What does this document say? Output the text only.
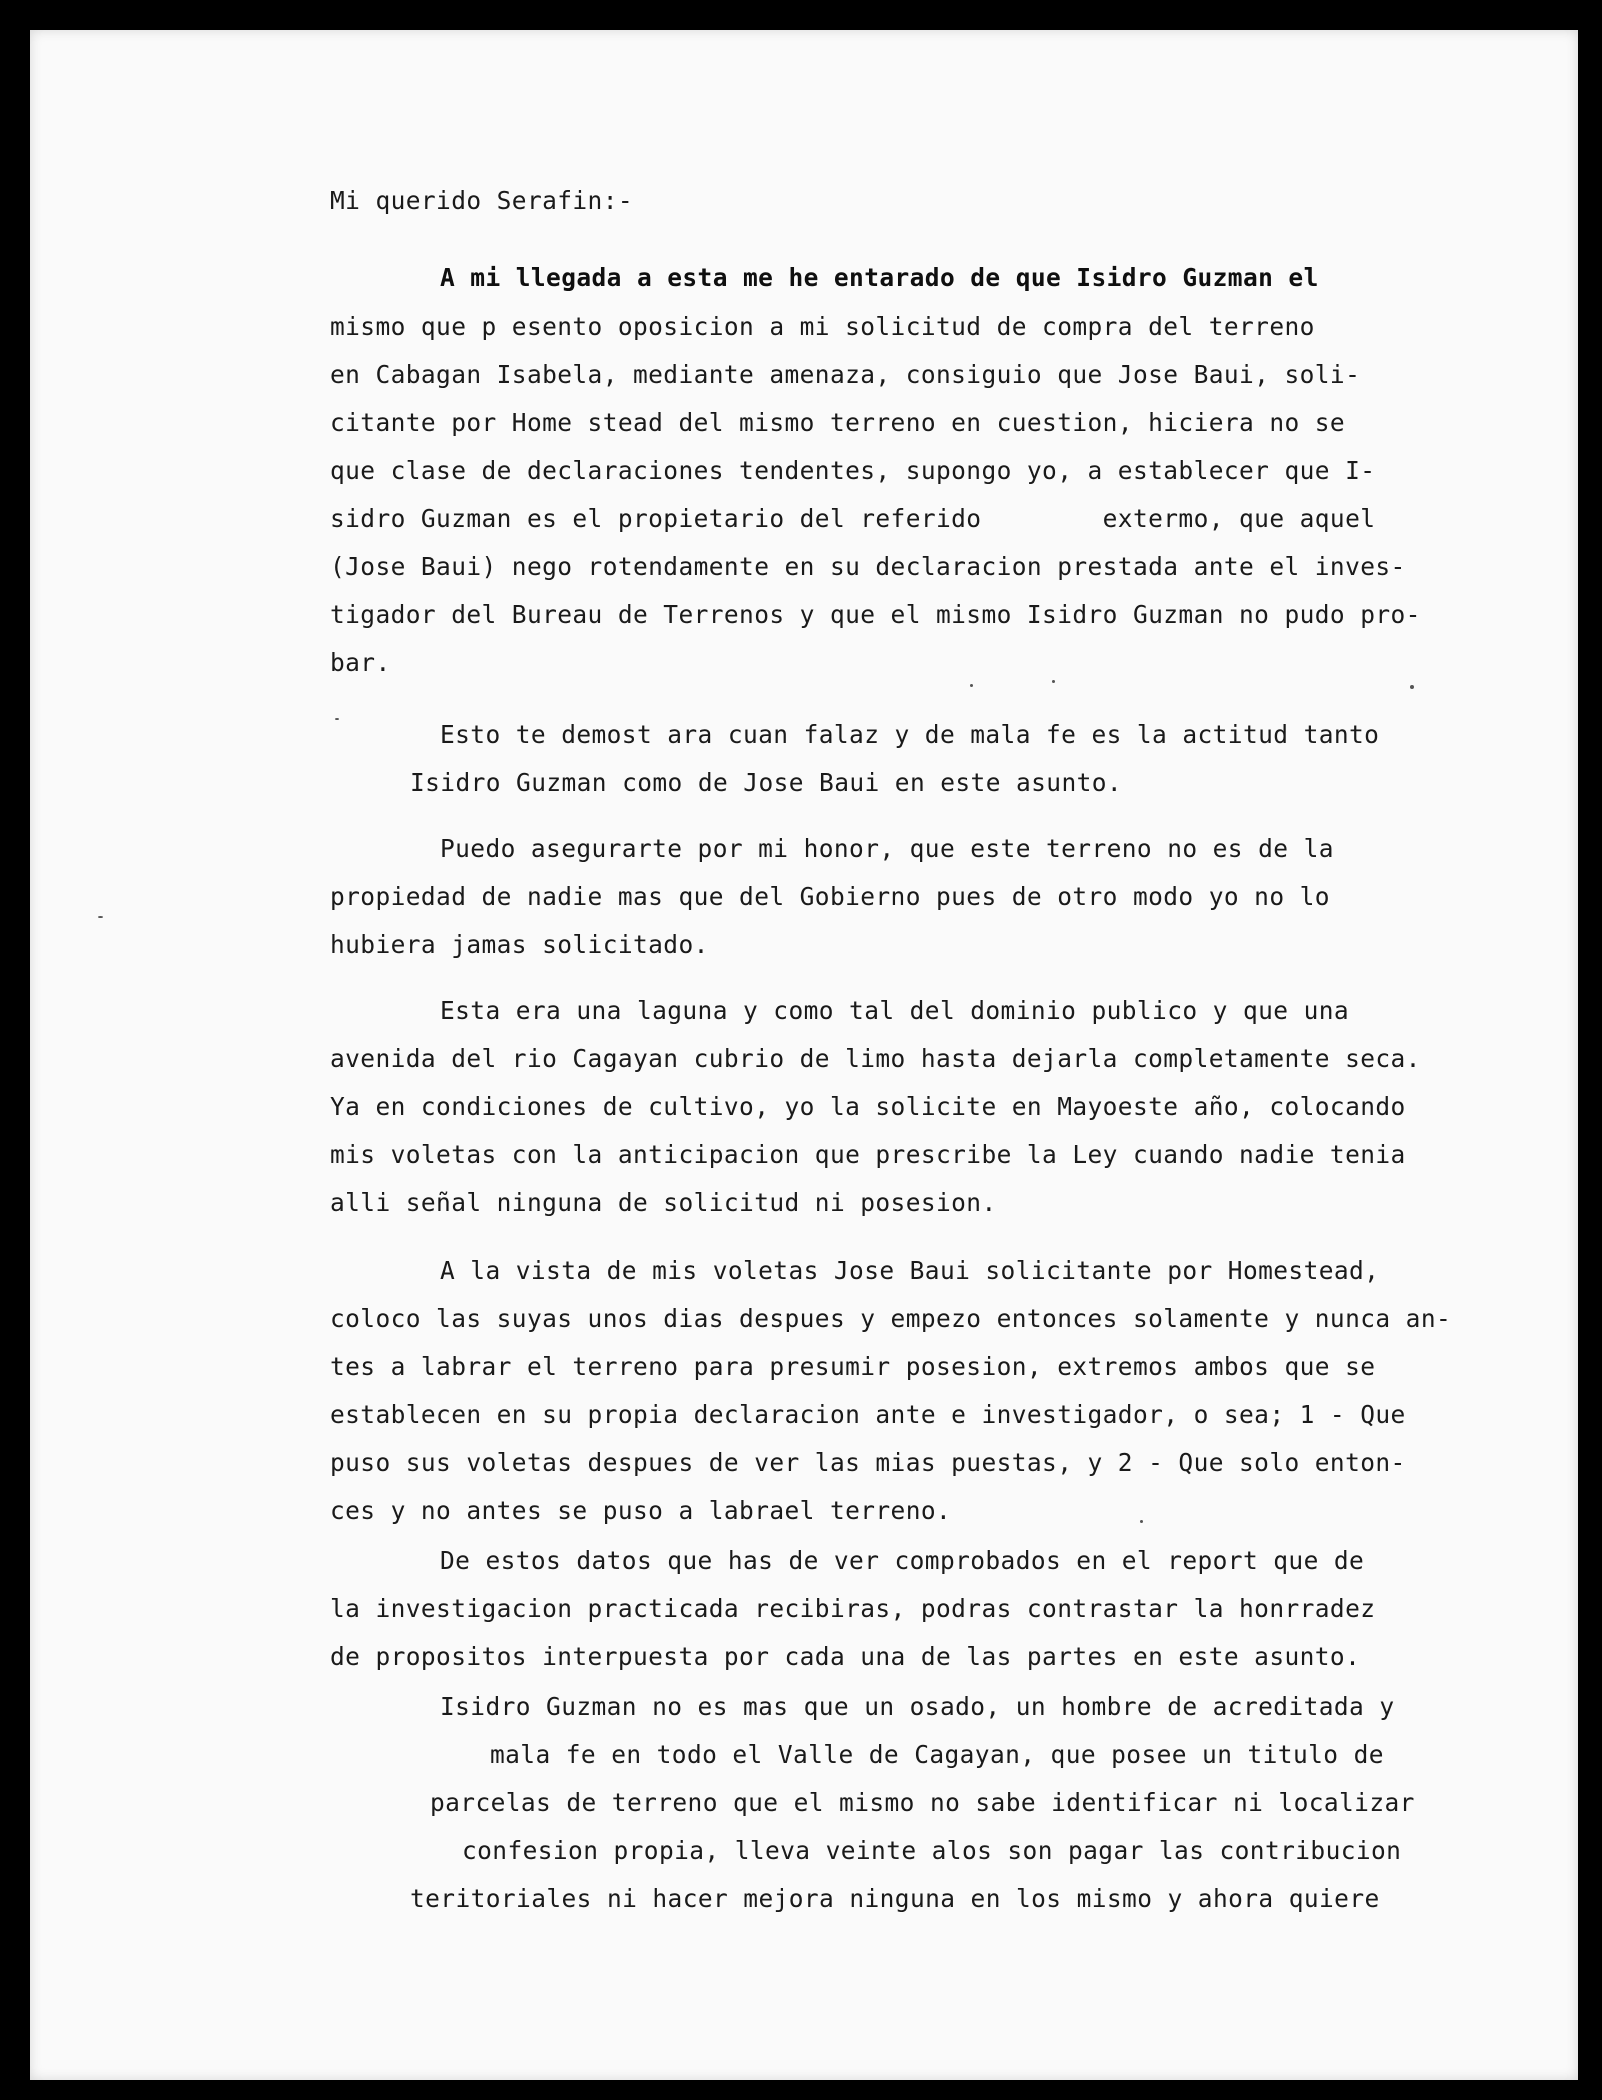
Mi querido Serafin:-
A mi llegada a esta me he entarado de que Isidro Guzman el
mismo que p esento oposicion a mi solicitud de compra del terreno
en Cabagan Isabela, mediante amenaza, consiguio que Jose Baui, soli-
citante por Home stead del mismo terreno en cuestion, hiciera no se
que clase de declaraciones tendentes, supongo yo, a establecer que I-
sidro Guzman es el propietario del referido        extermo, que aquel
(Jose Baui) nego rotendamente en su declaracion prestada ante el inves-
tigador del Bureau de Terrenos y que el mismo Isidro Guzman no pudo pro-
bar.
Esto te demost ara cuan falaz y de mala fe es la actitud tanto
Isidro Guzman como de Jose Baui en este asunto.
Puedo asegurarte por mi honor, que este terreno no es de la
propiedad de nadie mas que del Gobierno pues de otro modo yo no lo
hubiera jamas solicitado.
Esta era una laguna y como tal del dominio publico y que una
avenida del rio Cagayan cubrio de limo hasta dejarla completamente seca.
Ya en condiciones de cultivo, yo la solicite en Mayoeste año, colocando
mis voletas con la anticipacion que prescribe la Ley cuando nadie tenia
alli señal ninguna de solicitud ni posesion.
A la vista de mis voletas Jose Baui solicitante por Homestead,
coloco las suyas unos dias despues y empezo entonces solamente y nunca an-
tes a labrar el terreno para presumir posesion, extremos ambos que se
establecen en su propia declaracion ante e investigador, o sea; 1 - Que
puso sus voletas despues de ver las mias puestas, y 2 - Que solo enton-
ces y no antes se puso a labrael terreno.
De estos datos que has de ver comprobados en el report que de
la investigacion practicada recibiras, podras contrastar la honrradez
de propositos interpuesta por cada una de las partes en este asunto.
Isidro Guzman no es mas que un osado, un hombre de acreditada y
mala fe en todo el Valle de Cagayan, que posee un titulo de
parcelas de terreno que el mismo no sabe identificar ni localizar
confesion propia, lleva veinte alos son pagar las contribucion
teritoriales ni hacer mejora ninguna en los mismo y ahora quiere
